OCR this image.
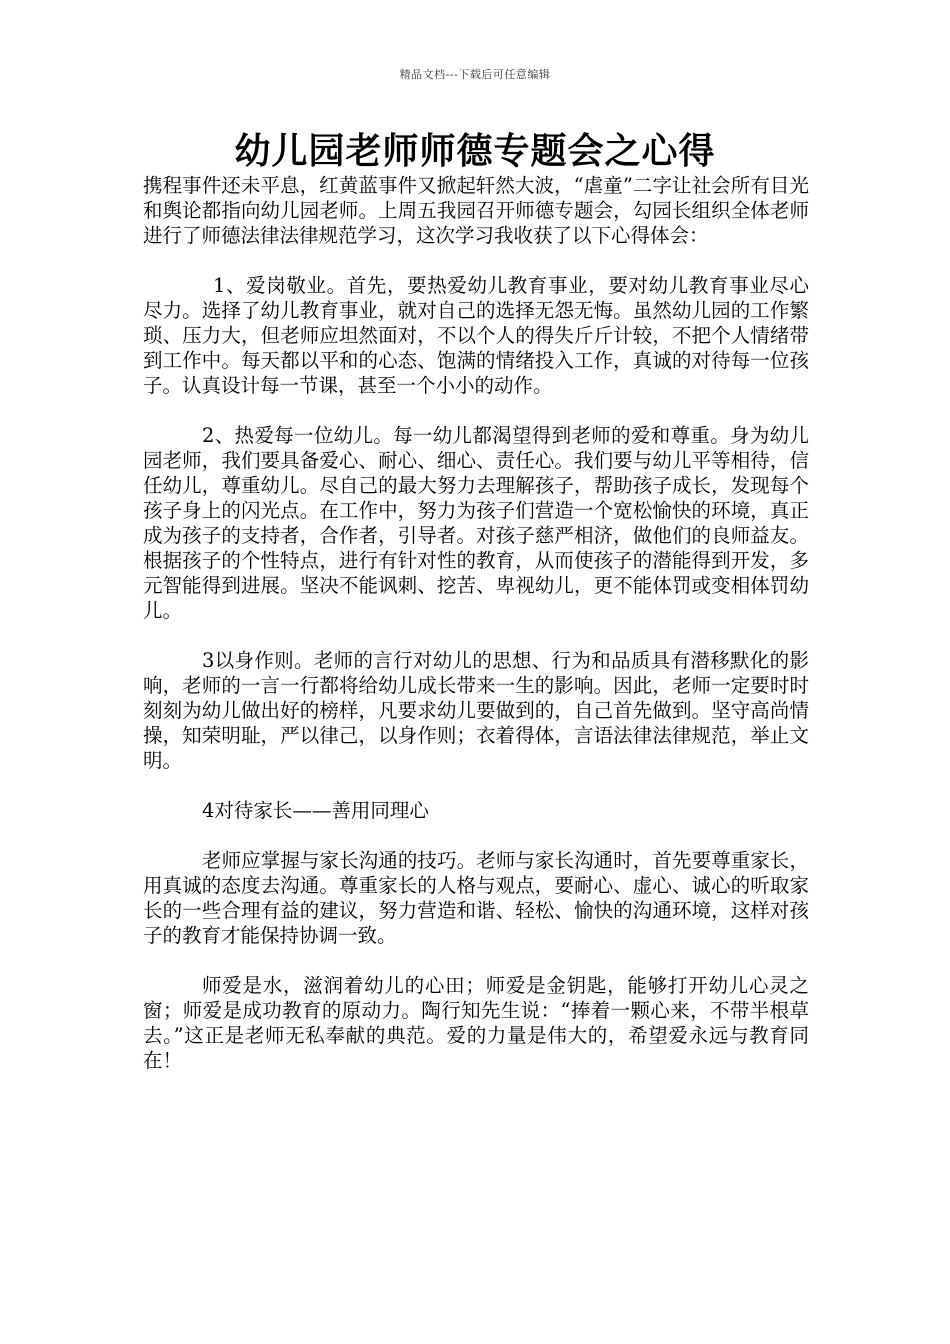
精品文档---下载后可任意编辑
幼儿园老师师德专题会之心得

携程事件还未平息，红黄蓝事件又掀起轩然大波，“虐童”二字让社会所有目光和舆论都指向幼儿园老师。上周五我园召开师德专题会，勾园长组织全体老师进行了师德法律法律规范学习，这次学习我收获了以下心得体会：

1、爱岗敬业。首先，要热爱幼儿教育事业，要对幼儿教育事业尽心尽力。选择了幼儿教育事业，就对自己的选择无怨无悔。虽然幼儿园的工作繁琐、压力大，但老师应坦然面对，不以个人的得失斤斤计较，不把个人情绪带到工作中。每天都以平和的心态、饱满的情绪投入工作，真诚的对待每一位孩子。认真设计每一节课，甚至一个小小的动作。

2、热爱每一位幼儿。每一幼儿都渴望得到老师的爱和尊重。身为幼儿园老师，我们要具备爱心、耐心、细心、责任心。我们要与幼儿平等相待，信任幼儿，尊重幼儿。尽自己的最大努力去理解孩子，帮助孩子成长，发现每个孩子身上的闪光点。在工作中，努力为孩子们营造一个宽松愉快的环境，真正成为孩子的支持者，合作者，引导者。对孩子慈严相济，做他们的良师益友。根据孩子的个性特点，进行有针对性的教育，从而使孩子的潜能得到开发，多元智能得到进展。坚决不能讽刺、挖苦、卑视幼儿，更不能体罚或变相体罚幼儿。

3以身作则。老师的言行对幼儿的思想、行为和品质具有潜移默化的影响，老师的一言一行都将给幼儿成长带来一生的影响。因此，老师一定要时时刻刻为幼儿做出好的榜样，凡要求幼儿要做到的，自己首先做到。坚守高尚情操，知荣明耻，严以律己，以身作则；衣着得体，言语法律法律规范，举止文明。

4对待家长——善用同理心

老师应掌握与家长沟通的技巧。老师与家长沟通时，首先要尊重家长，用真诚的态度去沟通。尊重家长的人格与观点，要耐心、虚心、诚心的听取家长的一些合理有益的建议，努力营造和谐、轻松、愉快的沟通环境，这样对孩子的教育才能保持协调一致。

师爱是水，滋润着幼儿的心田；师爱是金钥匙，能够打开幼儿心灵之窗；师爱是成功教育的原动力。陶行知先生说：“捧着一颗心来，不带半根草去。”这正是老师无私奉献的典范。爱的力量是伟大的，希望爱永远与教育同在！
